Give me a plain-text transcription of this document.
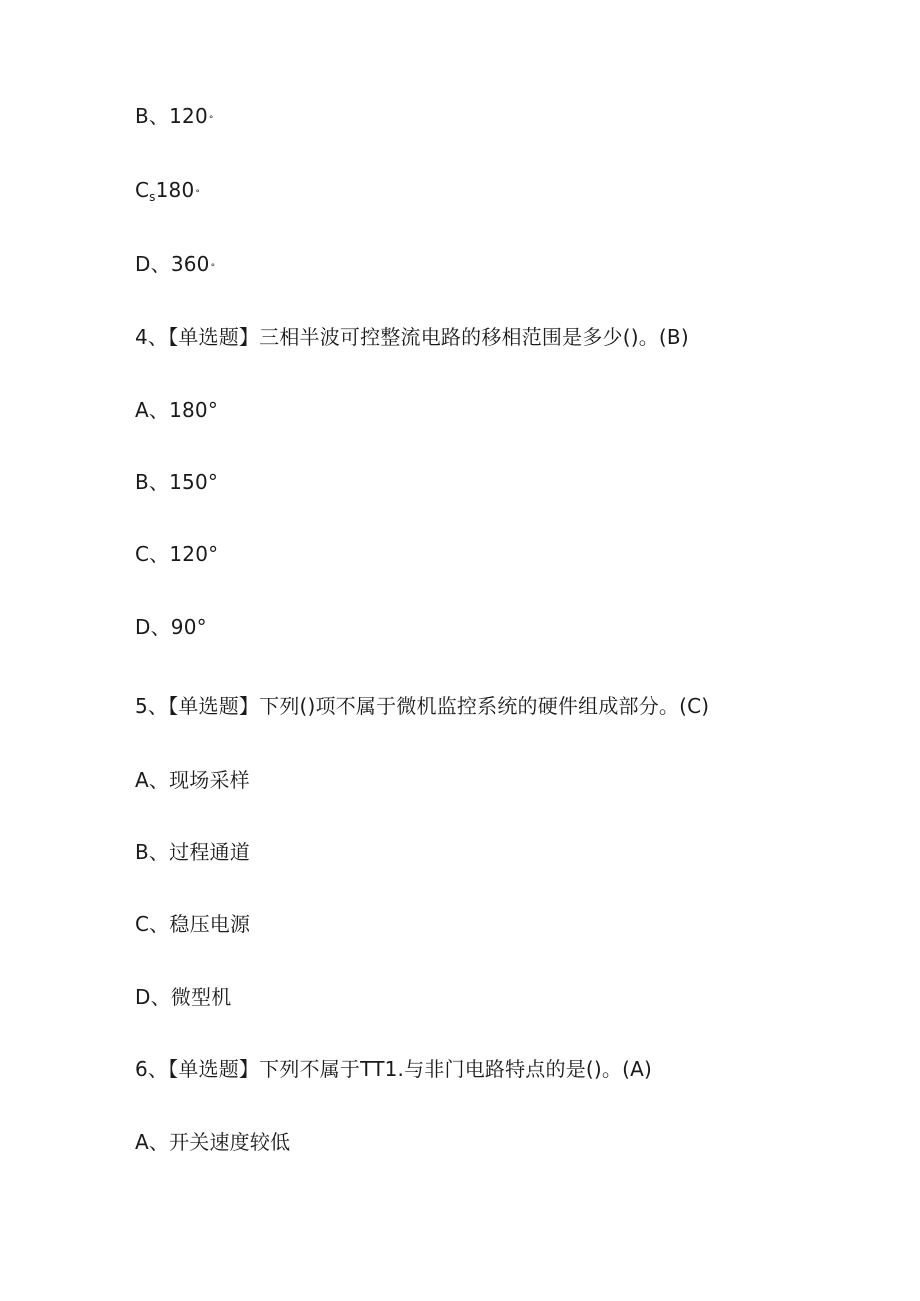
B、120°
$C_s180^\circ$
D、360°
4、【单选题】三相半波可控整流电路的移相范围是多少()。(B)
A、180°
B、150°
C、120°
D、90°
5、【单选题】下列()项不属于微机监控系统的硬件组成部分。(C)
A、现场采样
B、过程通道
C、稳压电源
D、微型机
6、【单选题】下列不属于TT1.与非门电路特点的是()。(A)
A、开关速度较低
